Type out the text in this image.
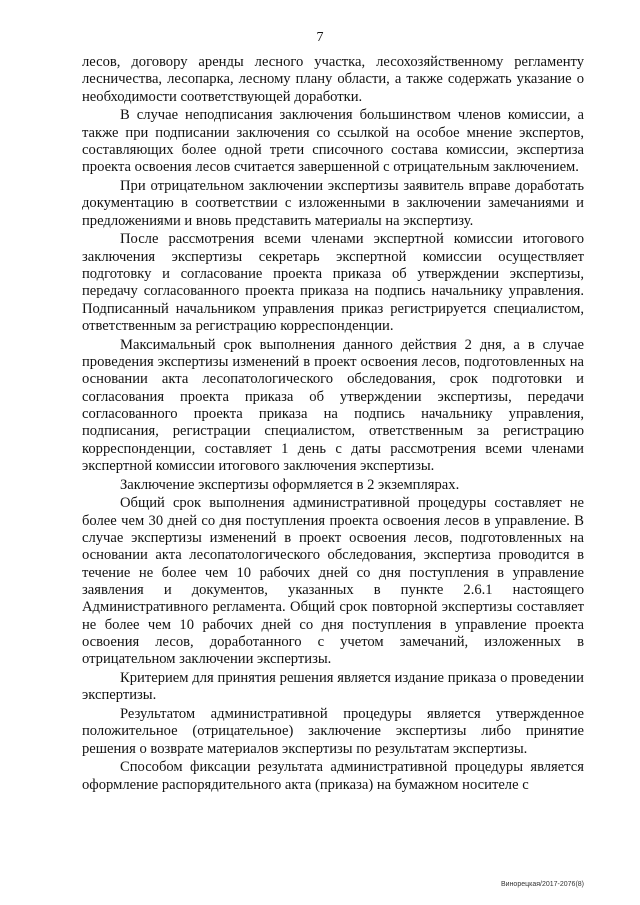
7

лесов, договору аренды лесного участка, лесохозяйственному регламенту лесничества, лесопарка, лесному плану области, а также содержать указание о необходимости соответствующей доработки.

В случае неподписания заключения большинством членов комиссии, а также при подписании заключения со ссылкой на особое мнение экспертов, составляющих более одной трети списочного состава комиссии, экспертиза проекта освоения лесов считается завершенной с отрицательным заключением.

При отрицательном заключении экспертизы заявитель вправе доработать документацию в соответствии с изложенными в заключении замечаниями и предложениями и вновь представить материалы на экспертизу.

После рассмотрения всеми членами экспертной комиссии итогового заключения экспертизы секретарь экспертной комиссии осуществляет подготовку и согласование проекта приказа об утверждении экспертизы, передачу согласованного проекта приказа на подпись начальнику управления. Подписанный начальником управления приказ регистрируется специалистом, ответственным за регистрацию корреспонденции.

Максимальный срок выполнения данного действия 2 дня, а в случае проведения экспертизы изменений в проект освоения лесов, подготовленных на основании акта лесопатологического обследования, срок подготовки и согласования проекта приказа об утверждении экспертизы, передачи согласованного проекта приказа на подпись начальнику управления, подписания, регистрации специалистом, ответственным за регистрацию корреспонденции, составляет 1 день с даты рассмотрения всеми членами экспертной комиссии итогового заключения экспертизы.

Заключение экспертизы оформляется в 2 экземплярах.

Общий срок выполнения административной процедуры составляет не более чем 30 дней со дня поступления проекта освоения лесов в управление. В случае экспертизы изменений в проект освоения лесов, подготовленных на основании акта лесопатологического обследования, экспертиза проводится в течение не более чем 10 рабочих дней со дня поступления в управление заявления и документов, указанных в пункте 2.6.1 настоящего Административного регламента. Общий срок повторной экспертизы составляет не более чем 10 рабочих дней со дня поступления в управление проекта освоения лесов, доработанного с учетом замечаний, изложенных в отрицательном заключении экспертизы.

Критерием для принятия решения является издание приказа о проведении экспертизы.

Результатом административной процедуры является утвержденное положительное (отрицательное) заключение экспертизы либо принятие решения о возврате материалов экспертизы по результатам экспертизы.

Способом фиксации результата административной процедуры является оформление распорядительного акта (приказа) на бумажном носителе с

Винорецкая/2017-2076(8)
